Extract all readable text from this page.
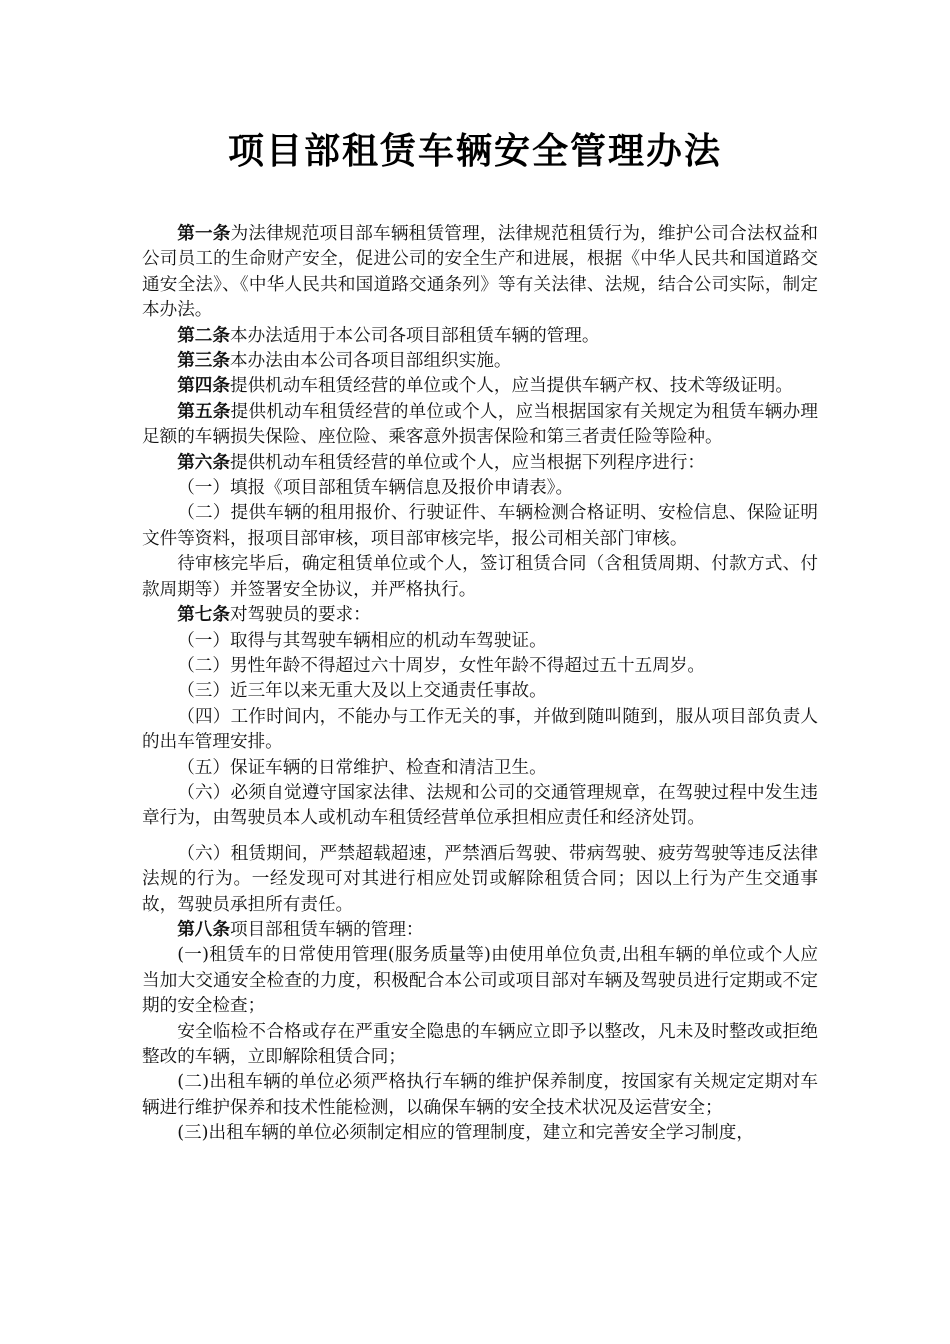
项目部租赁车辆安全管理办法

第一条为法律规范项目部车辆租赁管理，法律规范租赁行为，维护公司合法权益和公司员工的生命财产安全，促进公司的安全生产和进展，根据《中华人民共和国道路交通安全法》、《中华人民共和国道路交通条列》等有关法律、法规，结合公司实际，制定本办法。

第二条本办法适用于本公司各项目部租赁车辆的管理。

第三条本办法由本公司各项目部组织实施。

第四条提供机动车租赁经营的单位或个人，应当提供车辆产权、技术等级证明。

第五条提供机动车租赁经营的单位或个人，应当根据国家有关规定为租赁车辆办理足额的车辆损失保险、座位险、乘客意外损害保险和第三者责任险等险种。

第六条提供机动车租赁经营的单位或个人，应当根据下列程序进行：

（一）填报《项目部租赁车辆信息及报价申请表》。

（二）提供车辆的租用报价、行驶证件、车辆检测合格证明、安检信息、保险证明文件等资料，报项目部审核，项目部审核完毕，报公司相关部门审核。

待审核完毕后，确定租赁单位或个人，签订租赁合同（含租赁周期、付款方式、付款周期等）并签署安全协议，并严格执行。

第七条对驾驶员的要求：

（一）取得与其驾驶车辆相应的机动车驾驶证。

（二）男性年龄不得超过六十周岁，女性年龄不得超过五十五周岁。

（三）近三年以来无重大及以上交通责任事故。

（四）工作时间内，不能办与工作无关的事，并做到随叫随到，服从项目部负责人的出车管理安排。

（五）保证车辆的日常维护、检查和清洁卫生。

（六）必须自觉遵守国家法律、法规和公司的交通管理规章，在驾驶过程中发生违章行为，由驾驶员本人或机动车租赁经营单位承担相应责任和经济处罚。

（六）租赁期间，严禁超载超速，严禁酒后驾驶、带病驾驶、疲劳驾驶等违反法律法规的行为。一经发现可对其进行相应处罚或解除租赁合同；因以上行为产生交通事故，驾驶员承担所有责任。

第八条项目部租赁车辆的管理：

(一)租赁车的日常使用管理(服务质量等)由使用单位负责,出租车辆的单位或个人应当加大交通安全检查的力度，积极配合本公司或项目部对车辆及驾驶员进行定期或不定期的安全检查；

安全临检不合格或存在严重安全隐患的车辆应立即予以整改，凡未及时整改或拒绝整改的车辆，立即解除租赁合同；

(二)出租车辆的单位必须严格执行车辆的维护保养制度，按国家有关规定定期对车辆进行维护保养和技术性能检测，以确保车辆的安全技术状况及运营安全；

(三)出租车辆的单位必须制定相应的管理制度，建立和完善安全学习制度，
